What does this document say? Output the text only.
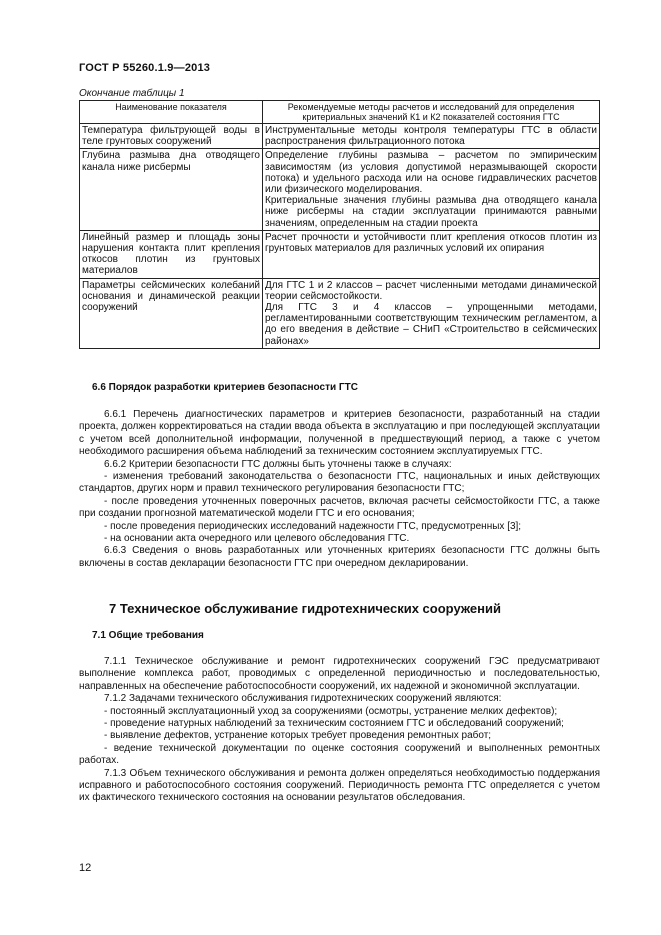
ГОСТ Р 55260.1.9—2013
Окончание таблицы 1
Наименование показателя	Рекомендуемые методы расчетов и исследований для определения критериальных значений К1 и К2 показателей состояния ГТС
Температура фильтрующей воды в теле грунтовых сооружений	Инструментальные методы контроля температуры ГТС в области распространения фильтрационного потока

Глубина размыва дна отводящего канала ниже рисбермы	Определение глубины размыва – расчетом по эмпирическим зависимостям (из условия допустимой неразмывающей скорости потока) и удельного расхода или на основе гидравлических расчетов или физического моделирования.

Критериальные значения глубины размыва дна отводящего канала ниже рисбермы на стадии эксплуатации принимаются равными значениям, определенным на стадии проекта

Линейный размер и площадь зоны нарушения контакта плит крепления откосов плотин из грунтовых материалов	Расчет прочности и устойчивости плит крепления откосов плотин из грунтовых материалов для различных условий их опирания

Параметры сейсмических колебаний основания и динамической реакции сооружений	Для ГТС 1 и 2 классов – расчет численными методами динамической теории сейсмостойкости.

Для ГТС 3 и 4 классов – упрощенными методами, регламентированными соответствующим техническим регламентом, а до его введения в действие – СНиП «Строительство в сейсмических районах»

6.6 Порядок разработки критериев безопасности ГТС

6.6.1 Перечень диагностических параметров и критериев безопасности, разработанный на стадии проекта, должен корректироваться на стадии ввода объекта в эксплуатацию и при последующей эксплуатации с учетом всей дополнительной информации, полученной в предшествующий период, а также с учетом необходимого расширения объема наблюдений за техническим состоянием эксплуатируемых ГТС.

6.6.2 Критерии безопасности ГТС должны быть уточнены также в случаях:

- изменения требований законодательства о безопасности ГТС, национальных и иных действующих стандартов, других норм и правил технического регулирования безопасности ГТС;

- после проведения уточненных поверочных расчетов, включая расчеты сейсмостойкости ГТС, а также при создании прогнозной математической модели ГТС и его основания;

- после проведения периодических исследований надежности ГТС, предусмотренных [3];

- на основании акта очередного или целевого обследования ГТС.

6.6.3 Сведения о вновь разработанных или уточненных критериях безопасности ГТС должны быть включены в состав декларации безопасности ГТС при очередном декларировании.

7 Техническое обслуживание гидротехнических сооружений
7.1 Общие требования

7.1.1 Техническое обслуживание и ремонт гидротехнических сооружений ГЭС предусматривают выполнение комплекса работ, проводимых с определенной периодичностью и последовательностью, направленных на обеспечение работоспособности сооружений, их надежной и экономичной эксплуатации.

7.1.2 Задачами технического обслуживания гидротехнических сооружений являются:

- постоянный эксплуатационный уход за сооружениями (осмотры, устранение мелких дефектов);

- проведение натурных наблюдений за техническим состоянием ГТС и обследований сооружений;

- выявление дефектов, устранение которых требует проведения ремонтных работ;

- ведение технической документации по оценке состояния сооружений и выполненных ремонтных работах.

7.1.3 Объем технического обслуживания и ремонта должен определяться необходимостью поддержания исправного и работоспособного состояния сооружений. Периодичность ремонта ГТС определяется с учетом их фактического технического состояния на основании результатов обследования.

12
